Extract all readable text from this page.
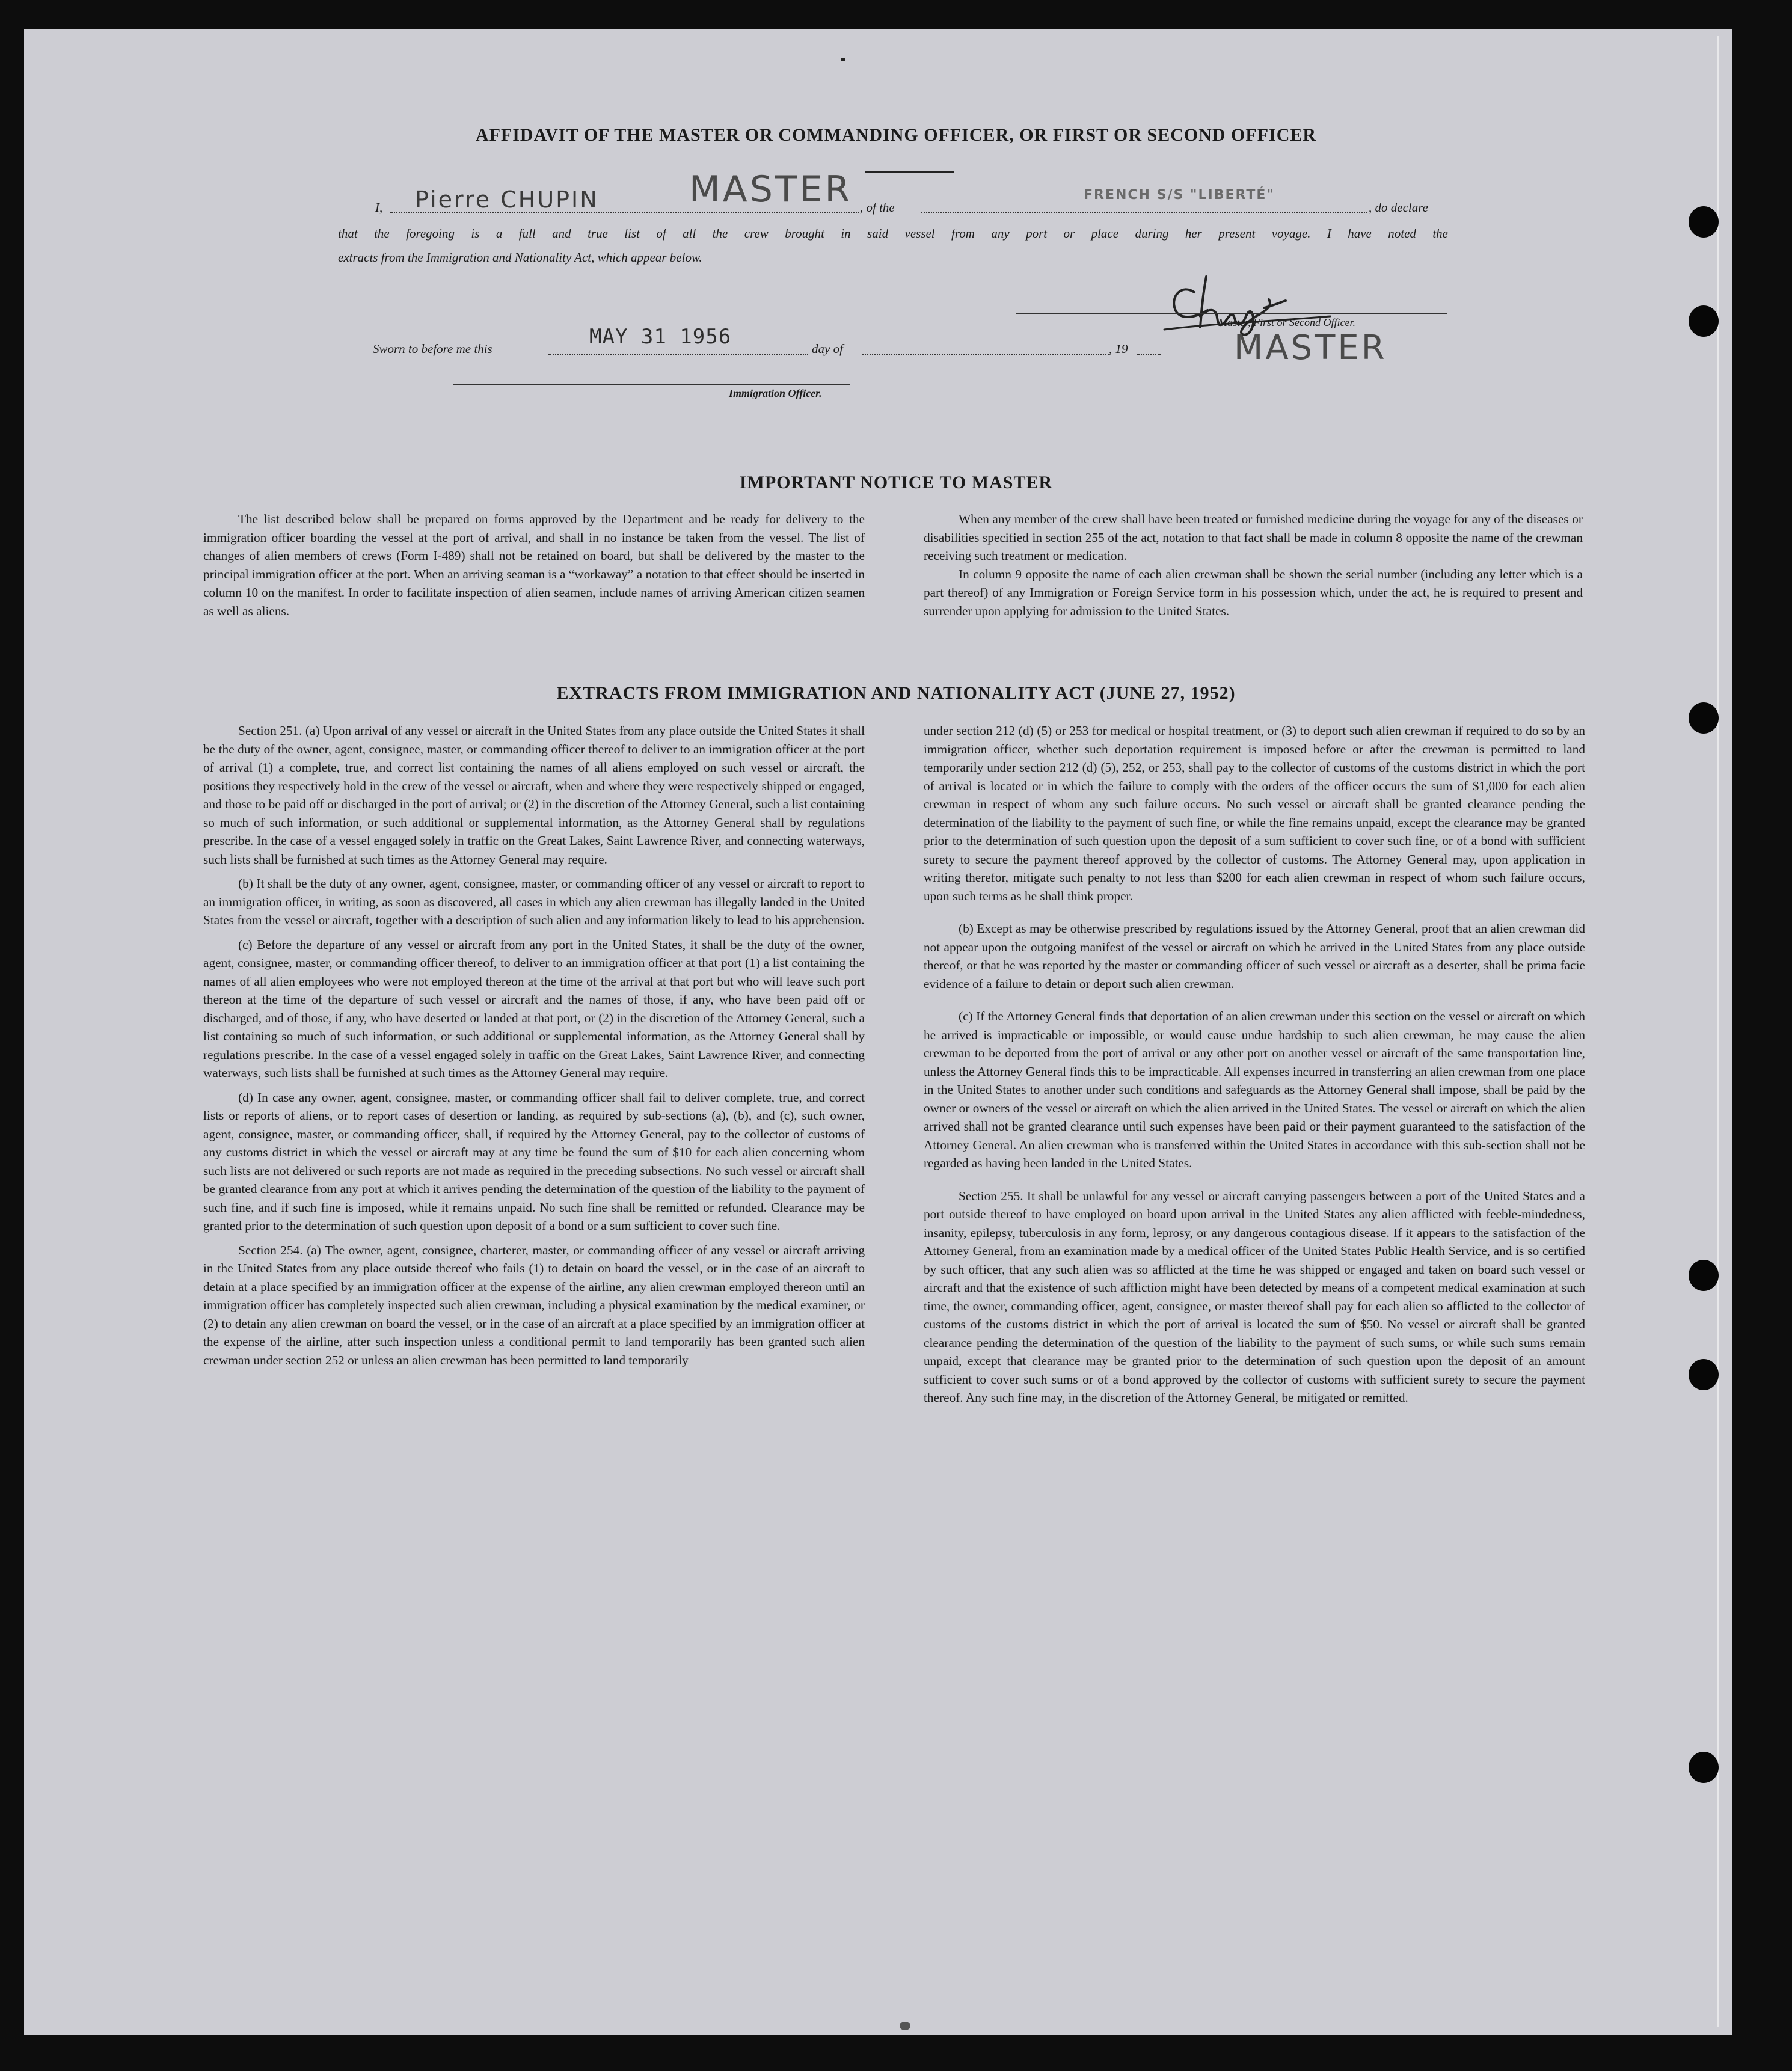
AFFIDAVIT OF THE MASTER OR COMMANDING OFFICER, OR FIRST OR SECOND OFFICER
I, Pierre CHUPIN	MASTER , of the
FRENCH S/S "LIBERTÉ"
, do declare
that the foregoing is a full and true list of all the crew brought in said vessel from any port or place during her present voyage. I have noted the
extracts from the Immigration and Nationality Act, which appear below.
Master, First or Second Officer.
MASTER
Sworn to before me this	MAY 31 1956	day of	, 19
Immigration Officer.
IMPORTANT NOTICE TO MASTER

The list described below shall be prepared on forms approved by the Department and be ready for delivery to the immigration officer boarding the vessel at the port of arrival, and shall in no instance be taken from the vessel. The list of changes of alien members of crews (Form I-489) shall not be retained on board, but shall be delivered by the master to the principal immigration officer at the port. When an arriving seaman is a “workaway” a notation to that effect should be inserted in column 10 on the manifest. In order to facilitate inspection of alien seamen, include names of arriving American citizen seamen as well as aliens.

When any member of the crew shall have been treated or furnished medicine during the voyage for any of the diseases or disabilities specified in section 255 of the act, notation to that fact shall be made in column 8 opposite the name of the crewman receiving such treatment or medication.

In column 9 opposite the name of each alien crewman shall be shown the serial number (including any letter which is a part thereof) of any Immigration or Foreign Service form in his possession which, under the act, he is required to present and surrender upon applying for admission to the United States.

EXTRACTS FROM IMMIGRATION AND NATIONALITY ACT (JUNE 27, 1952)

Section 251. (a) Upon arrival of any vessel or aircraft in the United States from any place outside the United States it shall be the duty of the owner, agent, consignee, master, or commanding officer thereof to deliver to an immigration officer at the port of arrival (1) a complete, true, and correct list containing the names of all aliens employed on such vessel or aircraft, the positions they respectively hold in the crew of the vessel or aircraft, when and where they were respectively shipped or engaged, and those to be paid off or discharged in the port of arrival; or (2) in the discretion of the Attorney General, such a list containing so much of such information, or such additional or supplemental information, as the Attorney General shall by regulations prescribe. In the case of a vessel engaged solely in traffic on the Great Lakes, Saint Lawrence River, and connecting waterways, such lists shall be furnished at such times as the Attorney General may require.

(b) It shall be the duty of any owner, agent, consignee, master, or commanding officer of any vessel or aircraft to report to an immigration officer, in writing, as soon as discovered, all cases in which any alien crewman has illegally landed in the United States from the vessel or aircraft, together with a description of such alien and any information likely to lead to his apprehension.

(c) Before the departure of any vessel or aircraft from any port in the United States, it shall be the duty of the owner, agent, consignee, master, or commanding officer thereof, to deliver to an immigration officer at that port (1) a list containing the names of all alien employees who were not employed thereon at the time of the arrival at that port but who will leave such port thereon at the time of the departure of such vessel or aircraft and the names of those, if any, who have been paid off or discharged, and of those, if any, who have deserted or landed at that port, or (2) in the discretion of the Attorney General, such a list containing so much of such information, or such additional or supplemental information, as the Attorney General shall by regulations prescribe. In the case of a vessel engaged solely in traffic on the Great Lakes, Saint Lawrence River, and connecting waterways, such lists shall be furnished at such times as the Attorney General may require.

(d) In case any owner, agent, consignee, master, or commanding officer shall fail to deliver complete, true, and correct lists or reports of aliens, or to report cases of desertion or landing, as required by sub-sections (a), (b), and (c), such owner, agent, consignee, master, or commanding officer, shall, if required by the Attorney General, pay to the collector of customs of any customs district in which the vessel or aircraft may at any time be found the sum of $10 for each alien concerning whom such lists are not delivered or such reports are not made as required in the preceding subsections. No such vessel or aircraft shall be granted clearance from any port at which it arrives pending the determination of the question of the liability to the payment of such fine, and if such fine is imposed, while it remains unpaid. No such fine shall be remitted or refunded. Clearance may be granted prior to the determination of such question upon deposit of a bond or a sum sufficient to cover such fine.

Section 254. (a) The owner, agent, consignee, charterer, master, or commanding officer of any vessel or aircraft arriving in the United States from any place outside thereof who fails (1) to detain on board the vessel, or in the case of an aircraft to detain at a place specified by an immigration officer at the expense of the airline, any alien crewman employed thereon until an immigration officer has completely inspected such alien crewman, including a physical examination by the medical examiner, or (2) to detain any alien crewman on board the vessel, or in the case of an aircraft at a place specified by an immigration officer at the expense of the airline, after such inspection unless a conditional permit to land temporarily has been granted such alien crewman under section 252 or unless an alien crewman has been permitted to land temporarily

under section 212 (d) (5) or 253 for medical or hospital treatment, or (3) to deport such alien crewman if required to do so by an immigration officer, whether such deportation requirement is imposed before or after the crewman is permitted to land temporarily under section 212 (d) (5), 252, or 253, shall pay to the collector of customs of the customs district in which the port of arrival is located or in which the failure to comply with the orders of the officer occurs the sum of $1,000 for each alien crewman in respect of whom any such failure occurs. No such vessel or aircraft shall be granted clearance pending the determination of the liability to the payment of such fine, or while the fine remains unpaid, except the clearance may be granted prior to the determination of such question upon the deposit of a sum sufficient to cover such fine, or of a bond with sufficient surety to secure the payment thereof approved by the collector of customs. The Attorney General may, upon application in writing therefor, mitigate such penalty to not less than $200 for each alien crewman in respect of whom such failure occurs, upon such terms as he shall think proper.

(b) Except as may be otherwise prescribed by regulations issued by the Attorney General, proof that an alien crewman did not appear upon the outgoing manifest of the vessel or aircraft on which he arrived in the United States from any place outside thereof, or that he was reported by the master or commanding officer of such vessel or aircraft as a deserter, shall be prima facie evidence of a failure to detain or deport such alien crewman.

(c) If the Attorney General finds that deportation of an alien crewman under this section on the vessel or aircraft on which he arrived is impracticable or impossible, or would cause undue hardship to such alien crewman, he may cause the alien crewman to be deported from the port of arrival or any other port on another vessel or aircraft of the same transportation line, unless the Attorney General finds this to be impracticable. All expenses incurred in transferring an alien crewman from one place in the United States to another under such conditions and safeguards as the Attorney General shall impose, shall be paid by the owner or owners of the vessel or aircraft on which the alien arrived in the United States. The vessel or aircraft on which the alien arrived shall not be granted clearance until such expenses have been paid or their payment guaranteed to the satisfaction of the Attorney General. An alien crewman who is transferred within the United States in accordance with this sub-section shall not be regarded as having been landed in the United States.

Section 255. It shall be unlawful for any vessel or aircraft carrying passengers between a port of the United States and a port outside thereof to have employed on board upon arrival in the United States any alien afflicted with feeble-mindedness, insanity, epilepsy, tuberculosis in any form, leprosy, or any dangerous contagious disease. If it appears to the satisfaction of the Attorney General, from an examination made by a medical officer of the United States Public Health Service, and is so certified by such officer, that any such alien was so afflicted at the time he was shipped or engaged and taken on board such vessel or aircraft and that the existence of such affliction might have been detected by means of a competent medical examination at such time, the owner, commanding officer, agent, consignee, or master thereof shall pay for each alien so afflicted to the collector of customs of the customs district in which the port of arrival is located the sum of $50. No vessel or aircraft shall be granted clearance pending the determination of the question of the liability to the payment of such sums, or while such sums remain unpaid, except that clearance may be granted prior to the determination of such question upon the deposit of an amount sufficient to cover such sums or of a bond approved by the collector of customs with sufficient surety to secure the payment thereof. Any such fine may, in the discretion of the Attorney General, be mitigated or remitted.
